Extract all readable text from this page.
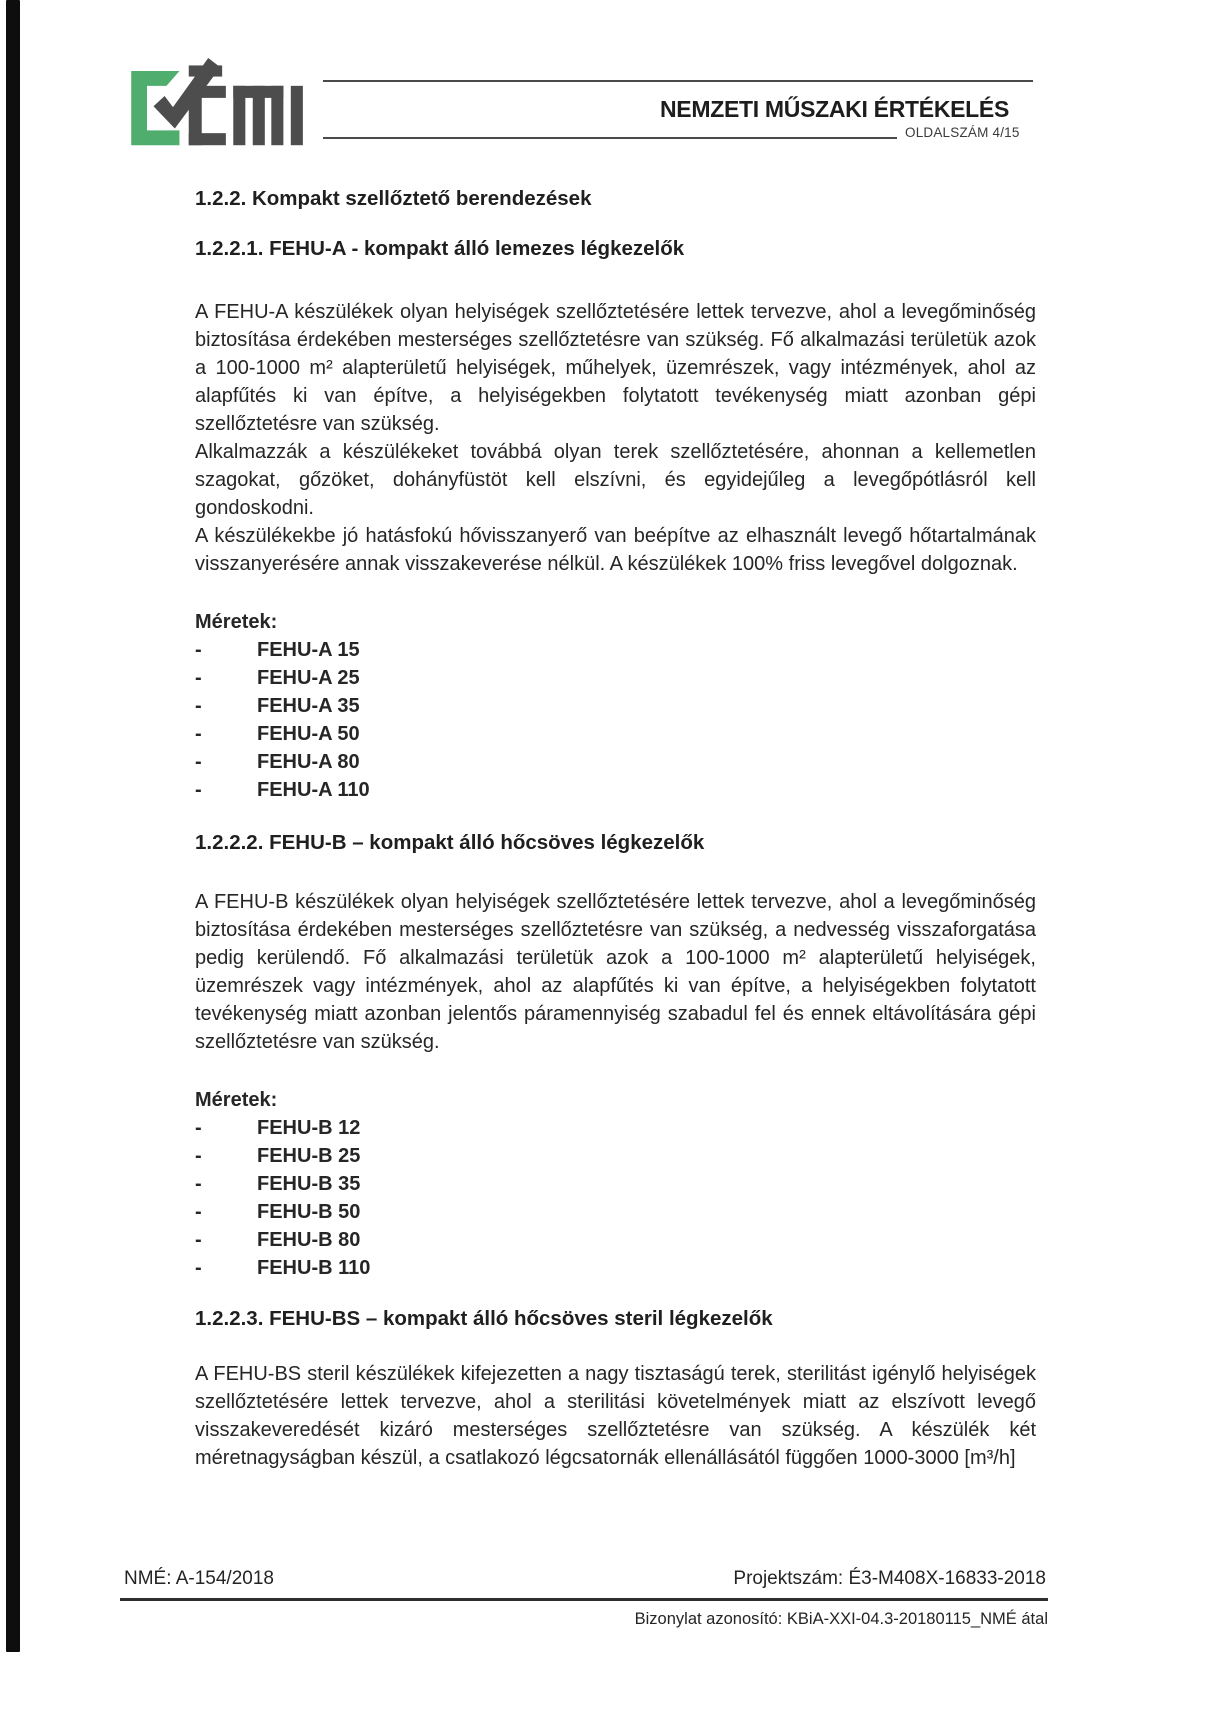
NEMZETI MŰSZAKI ÉRTÉKELÉS
OLDALSZÁM 4/15
1.2.2. Kompakt szellőztető berendezések
1.2.2.1. FEHU-A - kompakt álló lemezes légkezelők

A FEHU-A készülékek olyan helyiségek szellőztetésére lettek tervezve, ahol a levegőminőség biztosítása érdekében mesterséges szellőztetésre van szükség. Fő alkalmazási területük azok a 100-1000 m² alapterületű helyiségek, műhelyek, üzemrészek, vagy intézmények, ahol az alapfűtés ki van építve, a helyiségekben folytatott tevékenység miatt azonban gépi szellőztetésre van szükség.

Alkalmazzák a készülékeket továbbá olyan terek szellőztetésére, ahonnan a kellemetlen szagokat, gőzöket, dohányfüstöt kell elszívni, és egyidejűleg a levegőpótlásról kell gondoskodni.

A készülékekbe jó hatásfokú hővisszanyerő van beépítve az elhasznált levegő hőtartalmának visszanyerésére annak visszakeverése nélkül. A készülékek 100% friss levegővel dolgoznak.

Méretek:
- FEHU-A 15
- FEHU-A 25
- FEHU-A 35
- FEHU-A 50
- FEHU-A 80
- FEHU-A 110
1.2.2.2. FEHU-B – kompakt álló hőcsöves légkezelők

A FEHU-B készülékek olyan helyiségek szellőztetésére lettek tervezve, ahol a levegőminőség biztosítása érdekében mesterséges szellőztetésre van szükség, a nedvesség visszaforgatása pedig kerülendő. Fő alkalmazási területük azok a 100-1000 m² alapterületű helyiségek, üzemrészek vagy intézmények, ahol az alapfűtés ki van építve, a helyiségekben folytatott tevékenység miatt azonban jelentős páramennyiség szabadul fel és ennek eltávolítására gépi szellőztetésre van szükség.

Méretek:
- FEHU-B 12
- FEHU-B 25
- FEHU-B 35
- FEHU-B 50
- FEHU-B 80
- FEHU-B 110
1.2.2.3. FEHU-BS – kompakt álló hőcsöves steril légkezelők

A FEHU-BS steril készülékek kifejezetten a nagy tisztaságú terek, sterilitást igénylő helyiségek szellőztetésére lettek tervezve, ahol a sterilitási követelmények miatt az elszívott levegő visszakeveredését kizáró mesterséges szellőztetésre van szükség. A készülék két méretnagyságban készül, a csatlakozó légcsatornák ellenállásától függően 1000-3000 [m³/h]

NMÉ: A-154/2018	Projektszám: É3-M408X-16833-2018
Bizonylat azonosító: KBiA-XXI-04.3-20180115_NMÉ átal
